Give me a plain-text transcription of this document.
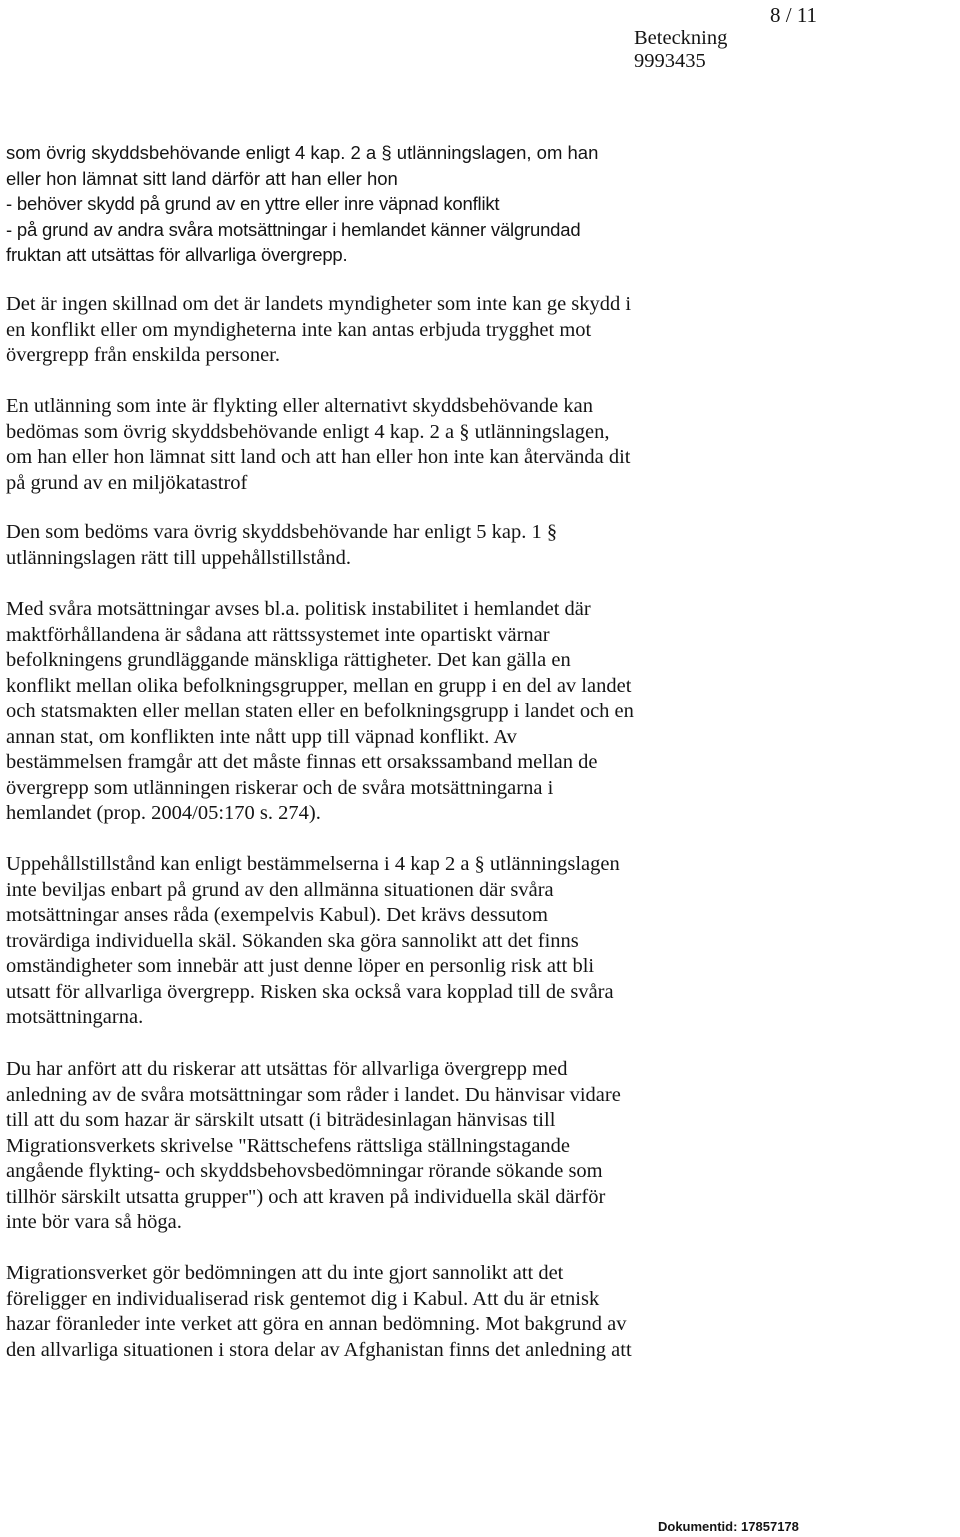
8 / 11
Beteckning
9993435
som övrig skyddsbehövande enligt 4 kap. 2 a § utlänningslagen, om han
eller hon lämnat sitt land därför att han eller hon
- behöver skydd på grund av en yttre eller inre väpnad konflikt
- på grund av andra svåra motsättningar i hemlandet känner välgrundad
fruktan att utsättas för allvarliga övergrepp.
Det är ingen skillnad om det är landets myndigheter som inte kan ge skydd i
en konflikt eller om myndigheterna inte kan antas erbjuda trygghet mot
övergrepp från enskilda personer.
En utlänning som inte är flykting eller alternativt skyddsbehövande kan
bedömas som övrig skyddsbehövande enligt 4 kap. 2 a § utlänningslagen,
om han eller hon lämnat sitt land och att han eller hon inte kan återvända dit
på grund av en miljökatastrof
Den som bedöms vara övrig skyddsbehövande har enligt 5 kap. 1 §
utlänningslagen rätt till uppehållstillstånd.
Med svåra motsättningar avses bl.a. politisk instabilitet i hemlandet där
maktförhållandena är sådana att rättssystemet inte opartiskt värnar
befolkningens grundläggande mänskliga rättigheter. Det kan gälla en
konflikt mellan olika befolkningsgrupper, mellan en grupp i en del av landet
och statsmakten eller mellan staten eller en befolkningsgrupp i landet och en
annan stat, om konflikten inte nått upp till väpnad konflikt. Av
bestämmelsen framgår att det måste finnas ett orsakssamband mellan de
övergrepp som utlänningen riskerar och de svåra motsättningarna i
hemlandet (prop. 2004/05:170 s. 274).
Uppehållstillstånd kan enligt bestämmelserna i 4 kap 2 a § utlänningslagen
inte beviljas enbart på grund av den allmänna situationen där svåra
motsättningar anses råda (exempelvis Kabul). Det krävs dessutom
trovärdiga individuella skäl. Sökanden ska göra sannolikt att det finns
omständigheter som innebär att just denne löper en personlig risk att bli
utsatt för allvarliga övergrepp. Risken ska också vara kopplad till de svåra
motsättningarna.
Du har anfört att du riskerar att utsättas för allvarliga övergrepp med
anledning av de svåra motsättningar som råder i landet. Du hänvisar vidare
till att du som hazar är särskilt utsatt (i biträdesinlagan hänvisas till
Migrationsverkets skrivelse "Rättschefens rättsliga ställningstagande
angående flykting- och skyddsbehovsbedömningar rörande sökande som
tillhör särskilt utsatta grupper") och att kraven på individuella skäl därför
inte bör vara så höga.
Migrationsverket gör bedömningen att du inte gjort sannolikt att det
föreligger en individualiserad risk gentemot dig i Kabul. Att du är etnisk
hazar föranleder inte verket att göra en annan bedömning. Mot bakgrund av
den allvarliga situationen i stora delar av Afghanistan finns det anledning att
Dokumentid: 17857178
